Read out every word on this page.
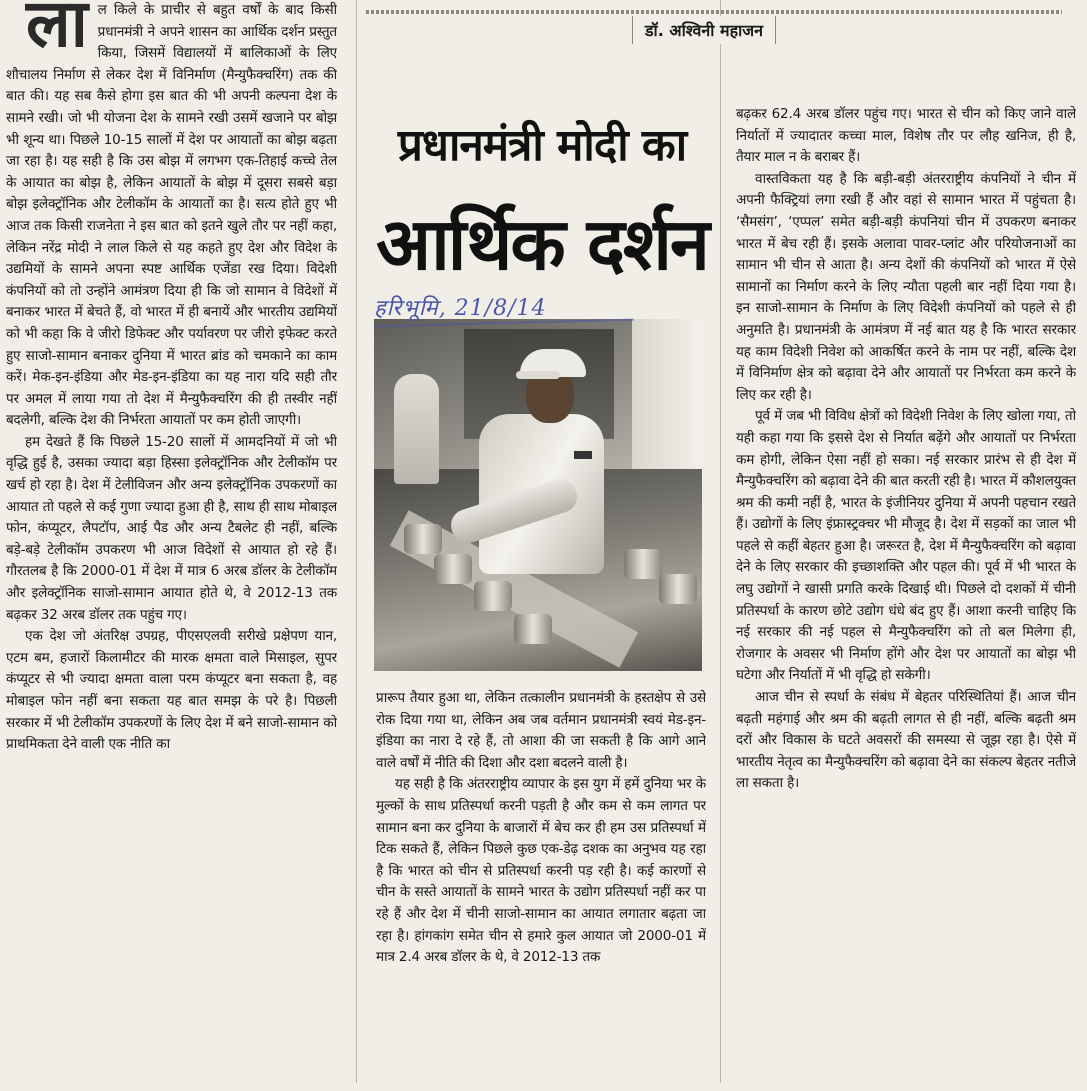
ला ल किले के प्राचीर से बहुत वर्षों के बाद किसी प्रधानमंत्री ने अपने शासन का आर्थिक दर्शन प्रस्तुत किया, जिसमें विद्यालयों में बालिकाओं के लिए शौचालय निर्माण से लेकर देश में विनिर्माण (मैन्युफैक्चरिंग) तक की बात की। यह सब कैसे होगा इस बात की भी अपनी कल्पना देश के सामने रखी। जो भी योजना देश के सामने रखी उसमें खजाने पर बोझ भी शून्य था। पिछले 10-15 सालों में देश पर आयातों का बोझ बढ़ता जा रहा है। यह सही है कि उस बोझ में लगभग एक-तिहाई कच्चे तेल के आयात का बोझ है, लेकिन आयातों के बोझ में दूसरा सबसे बड़ा बोझ इलेक्ट्रॉनिक और टेलीकॉम के आयातों का है। सत्य होते हुए भी आज तक किसी राजनेता ने इस बात को इतने खुले तौर पर नहीं कहा, लेकिन नरेंद्र मोदी ने लाल किले से यह कहते हुए देश और विदेश के उद्यमियों के सामने अपना स्पष्ट आर्थिक एजेंडा रख दिया। विदेशी कंपनियों को तो उन्होंने आमंत्रण दिया ही कि जो सामान वे विदेशों में बनाकर भारत में बेचते हैं, वो भारत में ही बनायें और भारतीय उद्यमियों को भी कहा कि वे जीरो डिफेक्ट और पर्यावरण पर जीरो इफेक्ट करते हुए साजो-सामान बनाकर दुनिया में भारत ब्रांड को चमकाने का काम करें। मेक-इन-इंडिया और मेड-इन-इंडिया का यह नारा यदि सही तौर पर अमल में लाया गया तो देश में मैन्युफैक्चरिंग की ही तस्वीर नहीं बदलेगी, बल्कि देश की निर्भरता आयातों पर कम होती जाएगी।

हम देखते हैं कि पिछले 15-20 सालों में आमदनियों में जो भी वृद्धि हुई है, उसका ज्यादा बड़ा हिस्सा इलेक्ट्रॉनिक और टेलीकॉम पर खर्च हो रहा है। देश में टेलीविजन और अन्य इलेक्ट्रॉनिक उपकरणों का आयात तो पहले से कई गुणा ज्यादा हुआ ही है, साथ ही साथ मोबाइल फोन, कंप्यूटर, लैपटॉप, आई पैड और अन्य टैबलेट ही नहीं, बल्कि बड़े-बड़े टेलीकॉम उपकरण भी आज विदेशों से आयात हो रहे हैं। गौरतलब है कि 2000-01 में देश में मात्र 6 अरब डॉलर के टेलीकॉम और इलेक्ट्रॉनिक साजो-सामान आयात होते थे, वे 2012-13 तक बढ़कर 32 अरब डॉलर तक पहुंच गए।

एक देश जो अंतरिक्ष उपग्रह, पीएसएलवी सरीखे प्रक्षेपण यान, एटम बम, हजारों किलामीटर की मारक क्षमता वाले मिसाइल, सुपर कंप्यूटर से भी ज्यादा क्षमता वाला परम कंप्यूटर बना सकता है, वह मोबाइल फोन नहीं बना सकता यह बात समझ के परे है। पिछली सरकार में भी टेलीकॉम उपकरणों के लिए देश में बने साजो-सामान को प्राथमिकता देने वाली एक नीति का

डॉ. अश्विनी महाजन
प्रधानमंत्री मोदी का
आर्थिक दर्शन
हरिभूमि, 21/8/14

प्रारूप तैयार हुआ था, लेकिन तत्कालीन प्रधानमंत्री के हस्तक्षेप से उसे रोक दिया गया था, लेकिन अब जब वर्तमान प्रधानमंत्री स्वयं मेड-इन-इंडिया का नारा दे रहे हैं, तो आशा की जा सकती है कि आगे आने वाले वर्षों में नीति की दिशा और दशा बदलने वाली है।

यह सही है कि अंतरराष्ट्रीय व्यापार के इस युग में हमें दुनिया भर के मुल्कों के साथ प्रतिस्पर्धा करनी पड़ती है और कम से कम लागत पर सामान बना कर दुनिया के बाजारों में बेच कर ही हम उस प्रतिस्पर्धा में टिक सकते हैं, लेकिन पिछले कुछ एक-डेढ़ दशक का अनुभव यह रहा है कि भारत को चीन से प्रतिस्पर्धा करनी पड़ रही है। कई कारणों से चीन के सस्ते आयातों के सामने भारत के उद्योग प्रतिस्पर्धा नहीं कर पा रहे हैं और देश में चीनी साजो-सामान का आयात लगातार बढ़ता जा रहा है। हांगकांग समेत चीन से हमारे कुल आयात जो 2000-01 में मात्र 2.4 अरब डॉलर के थे, वे 2012-13 तक

बढ़कर 62.4 अरब डॉलर पहुंच गए। भारत से चीन को किए जाने वाले निर्यातों में ज्यादातर कच्चा माल, विशेष तौर पर लौह खनिज, ही है, तैयार माल न के बराबर हैं।

वास्तविकता यह है कि बड़ी-बड़ी अंतरराष्ट्रीय कंपनियों ने चीन में अपनी फैक्ट्रियां लगा रखी हैं और वहां से सामान भारत में पहुंचता है। ‘सैमसंग’, ‘एप्पल’ समेत बड़ी-बड़ी कंपनियां चीन में उपकरण बनाकर भारत में बेच रही हैं। इसके अलावा पावर-प्लांट और परियोजनाओं का सामान भी चीन से आता है। अन्य देशों की कंपनियों को भारत में ऐसे सामानों का निर्माण करने के लिए न्यौता पहली बार नहीं दिया गया है। इन साजो-सामान के निर्माण के लिए विदेशी कंपनियों को पहले से ही अनुमति है। प्रधानमंत्री के आमंत्रण में नई बात यह है कि भारत सरकार यह काम विदेशी निवेश को आकर्षित करने के नाम पर नहीं, बल्कि देश में विनिर्माण क्षेत्र को बढ़ावा देने और आयातों पर निर्भरता कम करने के लिए कर रही है।

पूर्व में जब भी विविध क्षेत्रों को विदेशी निवेश के लिए खोला गया, तो यही कहा गया कि इससे देश से निर्यात बढ़ेंगे और आयातों पर निर्भरता कम होगी, लेकिन ऐसा नहीं हो सका। नई सरकार प्रारंभ से ही देश में मैन्युफैक्चरिंग को बढ़ावा देने की बात करती रही है। भारत में कौशलयुक्त श्रम की कमी नहीं है, भारत के इंजीनियर दुनिया में अपनी पहचान रखते हैं। उद्योगों के लिए इंफ्रास्ट्रक्चर भी मौजूद है। देश में सड़कों का जाल भी पहले से कहीं बेहतर हुआ है। जरूरत है, देश में मैन्युफैक्चरिंग को बढ़ावा देने के लिए सरकार की इच्छाशक्ति और पहल की। पूर्व में भी भारत के लघु उद्योगों ने खासी प्रगति करके दिखाई थी। पिछले दो दशकों में चीनी प्रतिस्पर्धा के कारण छोटे उद्योग धंधे बंद हुए हैं। आशा करनी चाहिए कि नई सरकार की नई पहल से मैन्युफैक्चरिंग को तो बल मिलेगा ही, रोजगार के अवसर भी निर्माण होंगे और देश पर आयातों का बोझ भी घटेगा और निर्यातों में भी वृद्धि हो सकेगी।

आज चीन से स्पर्धा के संबंध में बेहतर परिस्थितियां हैं। आज चीन बढ़ती महंगाई और श्रम की बढ़ती लागत से ही नहीं, बल्कि बढ़ती श्रम दरों और विकास के घटते अवसरों की समस्या से जूझ रहा है। ऐसे में भारतीय नेतृत्व का मैन्युफैक्चरिंग को बढ़ावा देने का संकल्प बेहतर नतीजे ला सकता है।
